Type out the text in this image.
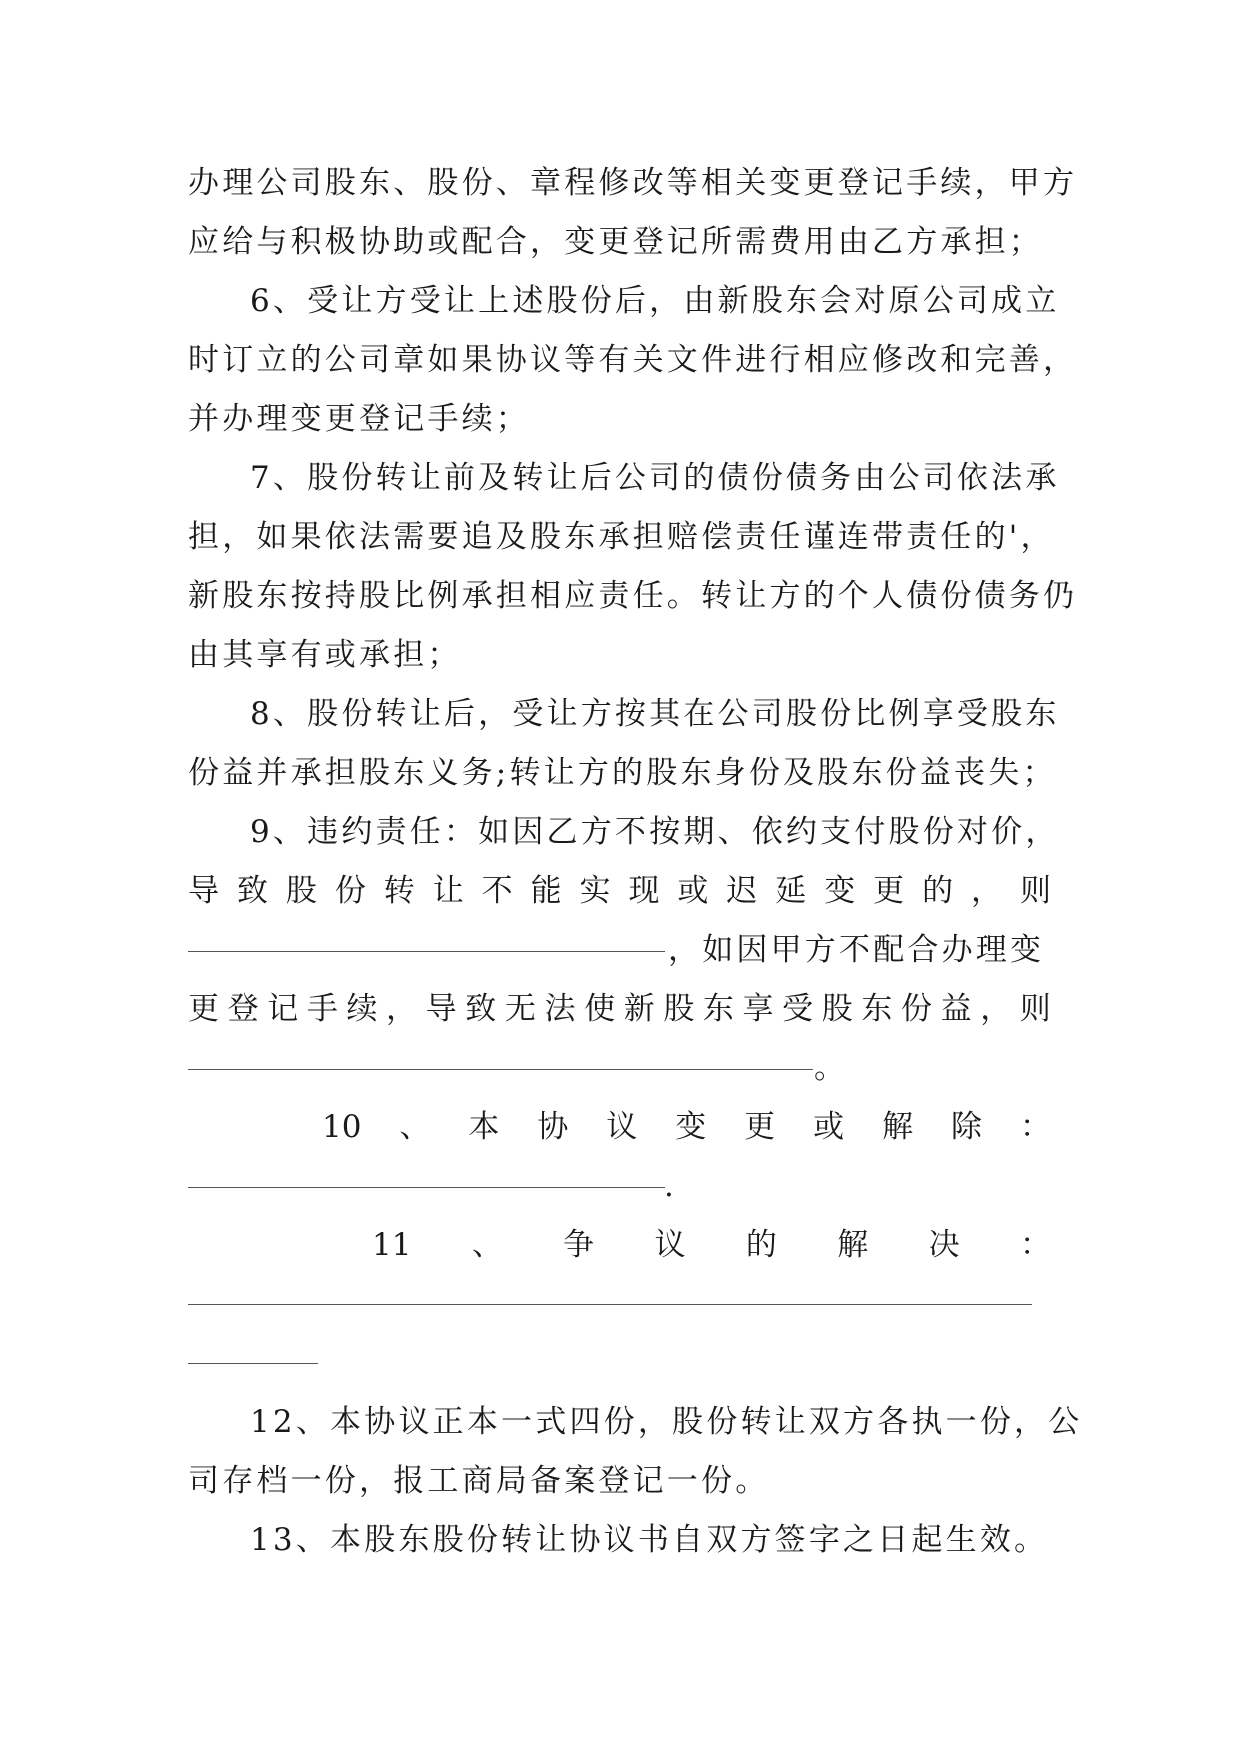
办理公司股东、股份、章程修改等相关变更登记手续，甲方
应给与积极协助或配合，变更登记所需费用由乙方承担；
6、受让方受让上述股份后，由新股东会对原公司成立
时订立的公司章如果协议等有关文件进行相应修改和完善，
并办理变更登记手续；
7、股份转让前及转让后公司的债份债务由公司依法承
担，如果依法需要追及股东承担赔偿责任谨连带责任的'，
新股东按持股比例承担相应责任。转让方的个人债份债务仍
由其享有或承担；
8、股份转让后，受让方按其在公司股份比例享受股东
份益并承担股东义务;转让方的股东身份及股东份益丧失；
9、违约责任：如因乙方不按期、依约支付股份对价，
导 致 股 份 转 让 不 能 实 现 或 迟 延 变 更 的 ， 则
，如因甲方不配合办理变
更 登 记 手 续 ， 导 致 无 法 使 新 股 东 享 受 股 东 份 益 ， 则
。
10 、 本 协 议 变 更 或 解 除 ：
.
11 、 争 议 的 解 决 ：
12、本协议正本一式四份，股份转让双方各执一份，公
司存档一份，报工商局备案登记一份。
13、本股东股份转让协议书自双方签字之日起生效。
